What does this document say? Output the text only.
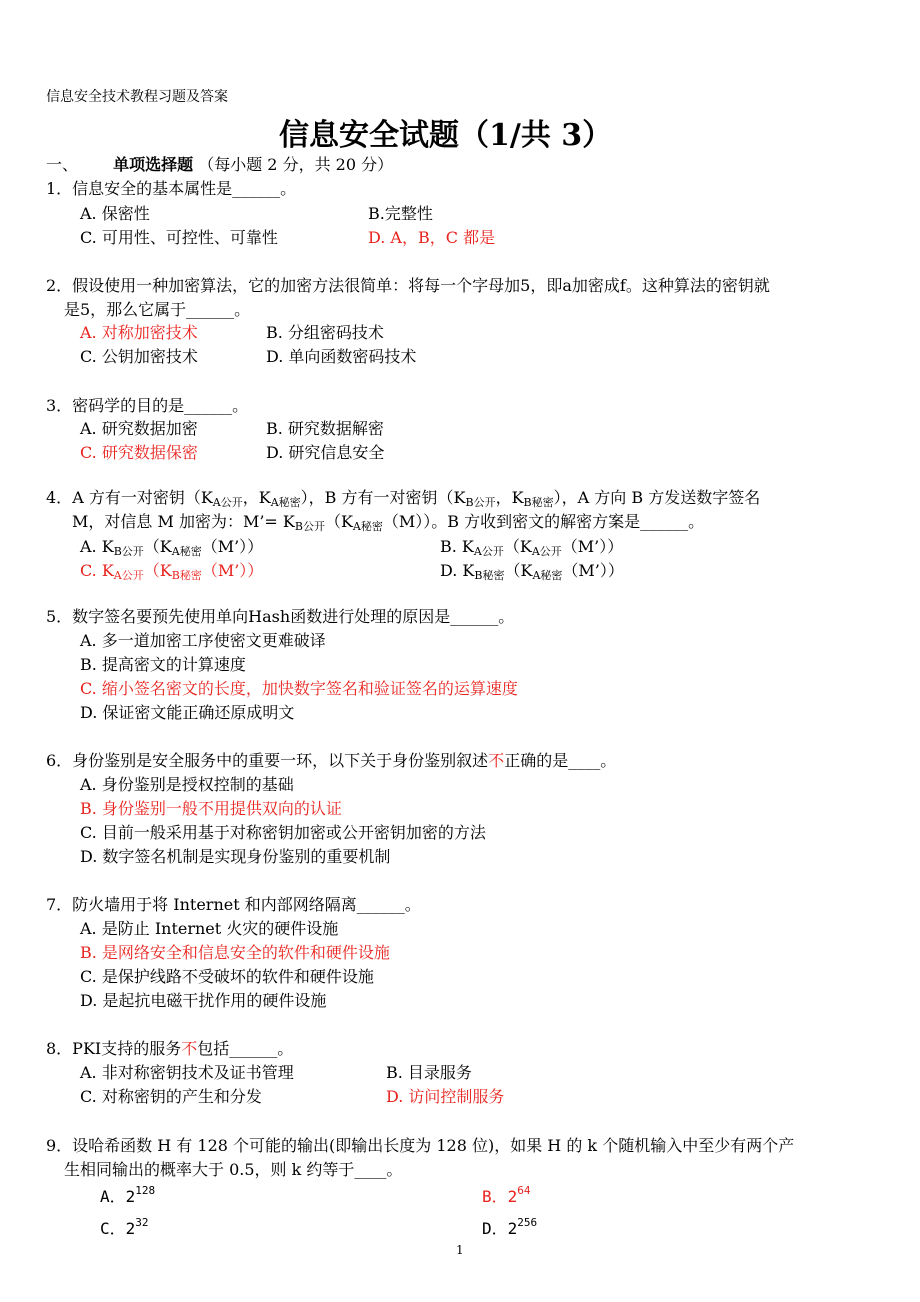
信息安全技术教程习题及答案
信息安全试题（1/共 3）
一、 单项选择题 （每小题 2 分，共 20 分）
1．信息安全的基本属性是______。
A. 保密性	B.完整性
C. 可用性、可控性、可靠性	D. A，B，C 都是
2．假设使用一种加密算法，它的加密方法很简单：将每一个字母加5，即a加密成f。这种算法的密钥就
是5，那么它属于______。
A. 对称加密技术	B. 分组密码技术
C. 公钥加密技术	D. 单向函数密码技术
3．密码学的目的是______。
A. 研究数据加密	B. 研究数据解密
C. 研究数据保密	D. 研究信息安全
4．A 方有一对密钥（$K_{A公开}$，$K_{A秘密}$），B 方有一对密钥（$K_{B公开}$，$K_{B秘密}$），A 方向 B 方发送数字签名
M，对信息 M 加密为：M’= $K_{B公开}(K_{A秘密}(M))$。B 方收到密文的解密方案是______。
A. $K_{B公开}(K_{A秘密}(M’))$	B. $K_{A公开}(K_{A公开}(M’))$
C. $K_{A公开}(K_{B秘密}(M’))$	D. $K_{B秘密}(K_{A秘密}(M’))$
5．数字签名要预先使用单向Hash函数进行处理的原因是______。
A. 多一道加密工序使密文更难破译
B. 提高密文的计算速度
C. 缩小签名密文的长度，加快数字签名和验证签名的运算速度
D. 保证密文能正确还原成明文
6．身份鉴别是安全服务中的重要一环，以下关于身份鉴别叙述不正确的是____。
A. 身份鉴别是授权控制的基础
B. 身份鉴别一般不用提供双向的认证
C. 目前一般采用基于对称密钥加密或公开密钥加密的方法
D. 数字签名机制是实现身份鉴别的重要机制
7．防火墙用于将 Internet 和内部网络隔离______。
A. 是防止 Internet 火灾的硬件设施
B. 是网络安全和信息安全的软件和硬件设施
C. 是保护线路不受破坏的软件和硬件设施
D. 是起抗电磁干扰作用的硬件设施
8．PKI支持的服务不包括______。
A. 非对称密钥技术及证书管理	B. 目录服务
C. 对称密钥的产生和分发	D. 访问控制服务
9．设哈希函数 H 有 128 个可能的输出(即输出长度为 128 位)，如果 H 的 k 个随机输入中至少有两个产
生相同输出的概率大于 0.5，则 k 约等于____。
A．$2^{128}$	B．$2^{64}$
C．$2^{32}$	D．$2^{256}$
1
